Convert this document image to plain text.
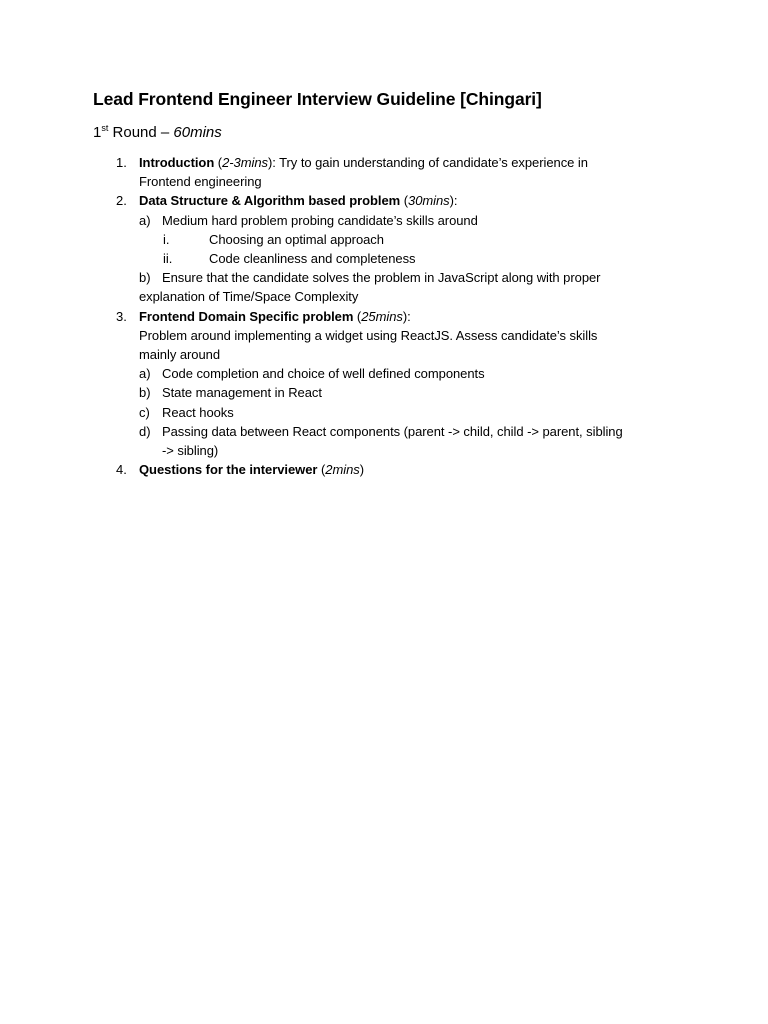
Lead Frontend Engineer Interview Guideline [Chingari]
1st Round – 60mins
1. Introduction (2-3mins): Try to gain understanding of candidate’s experience in
Frontend engineering
2. Data Structure & Algorithm based problem (30mins):
a) Medium hard problem probing candidate’s skills around
i.	Choosing an optimal approach
ii.	Code cleanliness and completeness
b) Ensure that the candidate solves the problem in JavaScript along with proper
explanation of Time/Space Complexity
3. Frontend Domain Specific problem (25mins):
Problem around implementing a widget using ReactJS. Assess candidate’s skills
mainly around
a) Code completion and choice of well defined components
b) State management in React
c) React hooks
d) Passing data between React components (parent -> child, child -> parent, sibling
-> sibling)
4. Questions for the interviewer (2mins)
